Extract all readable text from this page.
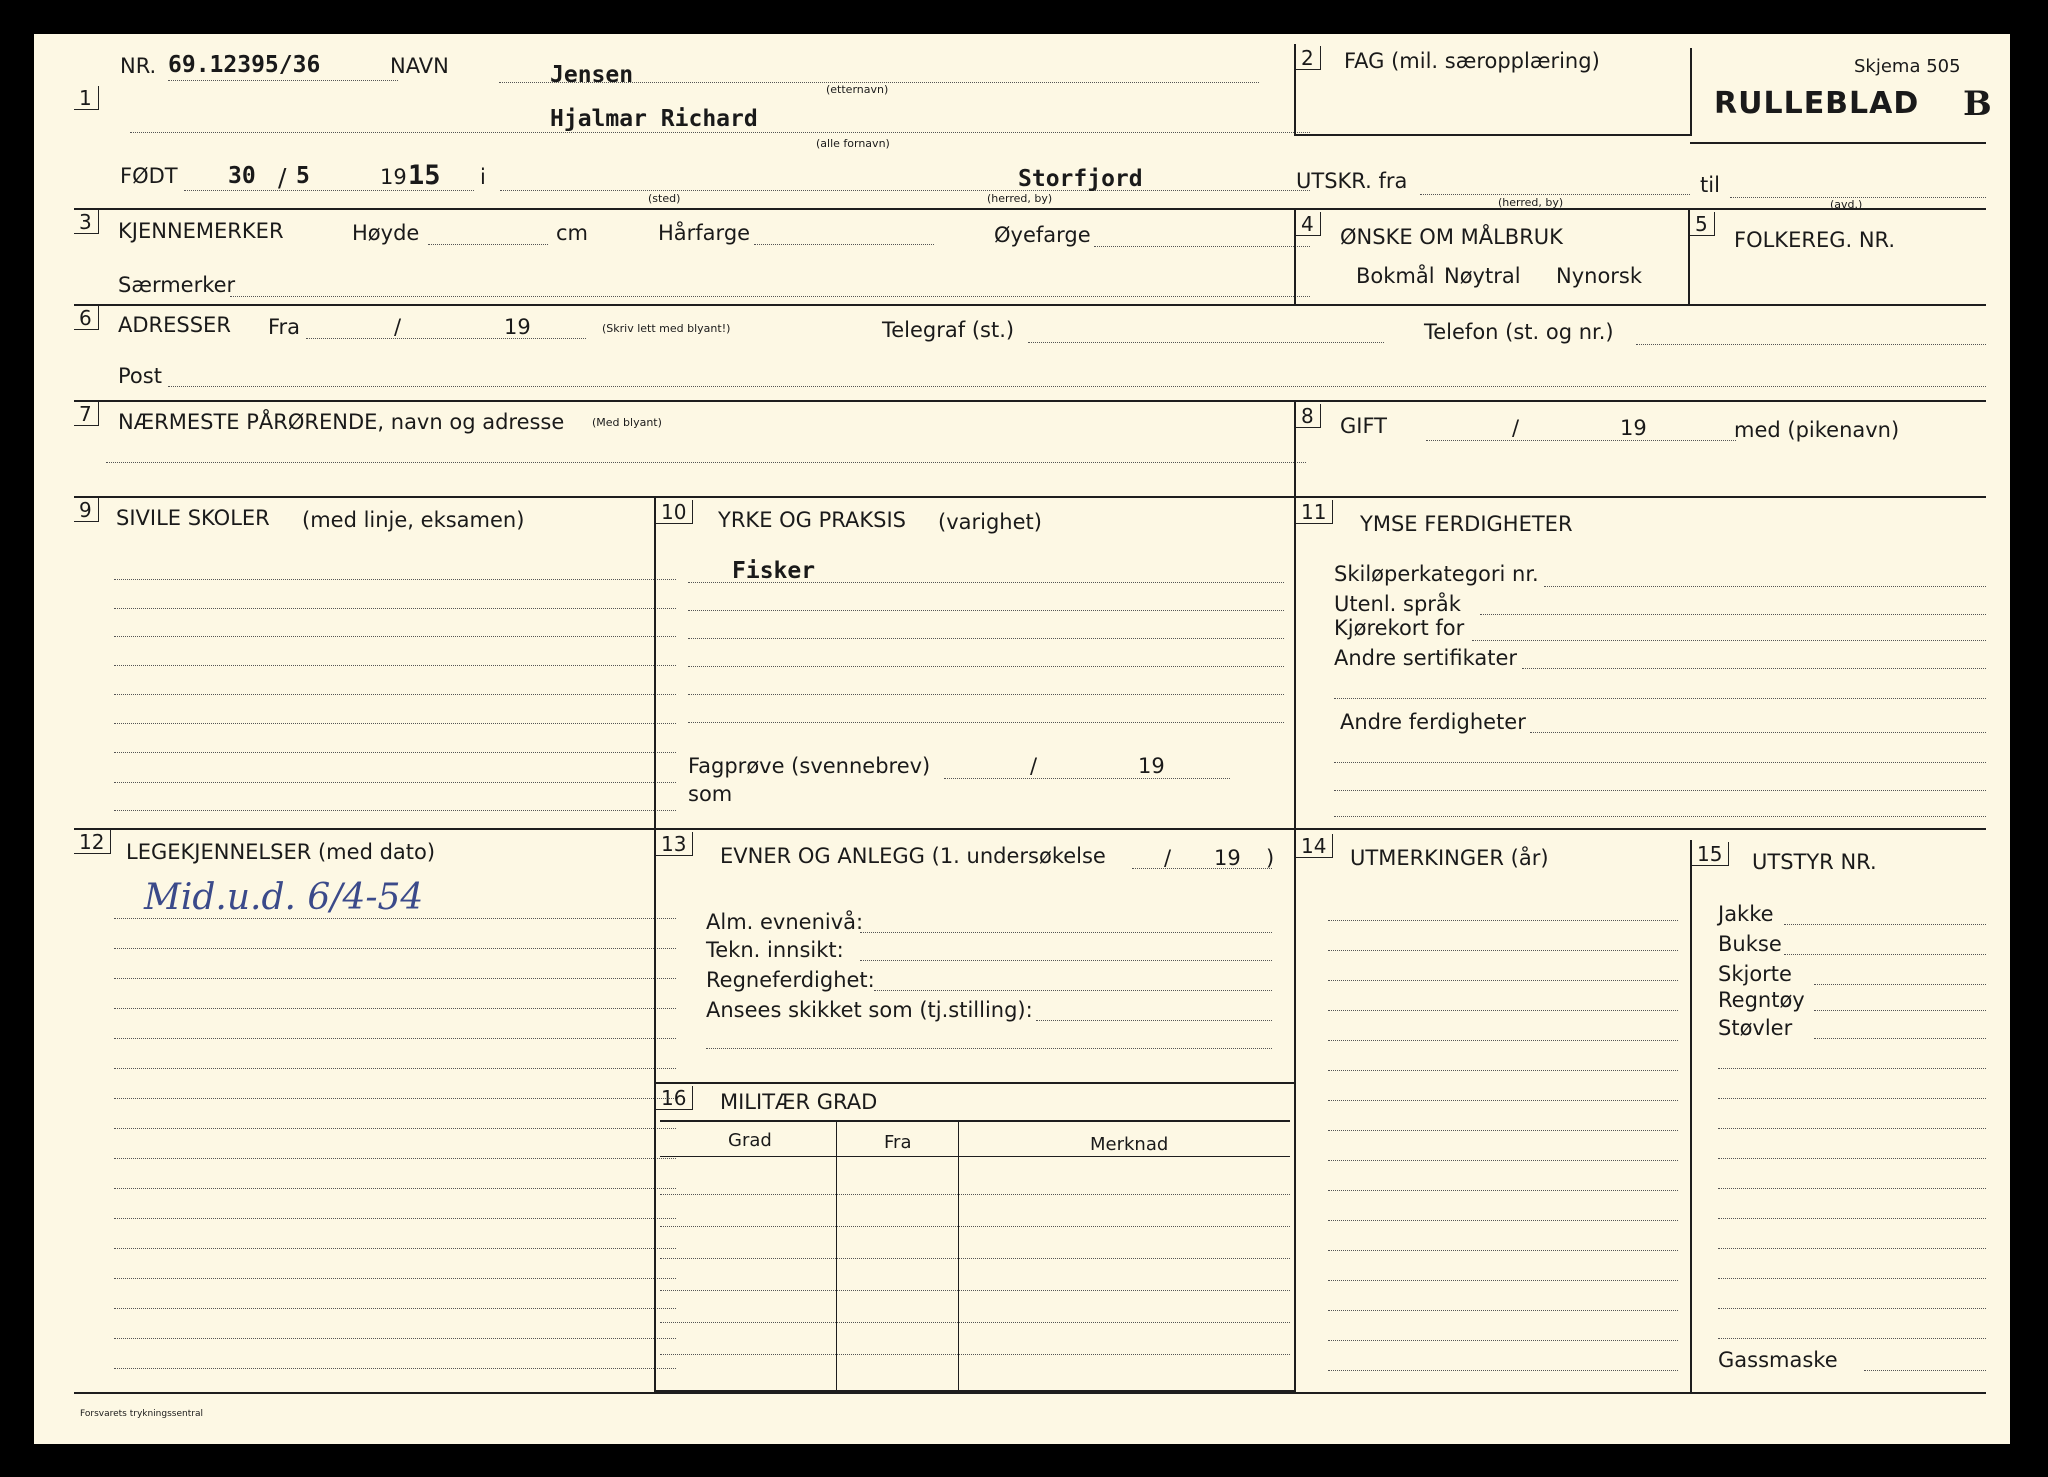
Skjema 505
RULLEBLAD B
1
NR. 69.12395/36	NAVN	Jensen
(etternavn)
Hjalmar Richard
(alle fornavn)
FØDT 30 / 5	19 15 i
(sted)
Storfjord
(herred, by)
UTSKR. fra
(herred, by)
til
(avd.)
2	FAG (mil. særopplæring)
3	KJENNEMERKER	Høyde	cm	Hårfarge	Øyefarge
Særmerker
4
ØNSKE OM MÅLBRUK
Bokmål Nøytral Nynorsk
5
FOLKEREG. NR.
6	ADRESSER Fra	/	19	(Skriv lett med blyant!)	Telegraf (st.)	Telefon (st. og nr.)
Post
7	NÆRMESTE PÅRØRENDE, navn og adresse	(Med blyant)	8	GIFT	/	19	med (pikenavn)
9	SIVILE SKOLER (med linje, eksamen)	10	YRKE OG PRAKSIS (varighet)
Fisker
Fagprøve (svennebrev)	/	19
som
11	YMSE FERDIGHETER
Skiløperkategori nr.
Utenl. språk
Kjørekort for
Andre sertifikater
Andre ferdigheter
12	LEGEKJENNELSER (med dato)
Mid.u.d. 6/4-54
13	EVNER OG ANLEGG (1. undersøkelse	/ 19 )
Alm. evnenivå:
Tekn. innsikt:
Regneferdighet:
Ansees skikket som (tj.stilling):
16	MILITÆR GRAD
Grad	Fra	Merknad
14	UTMERKINGER (år)	15	UTSTYR NR.
Jakke
Bukse
Skjorte
Regntøy
Støvler
Gassmaske
Forsvarets trykningssentral
